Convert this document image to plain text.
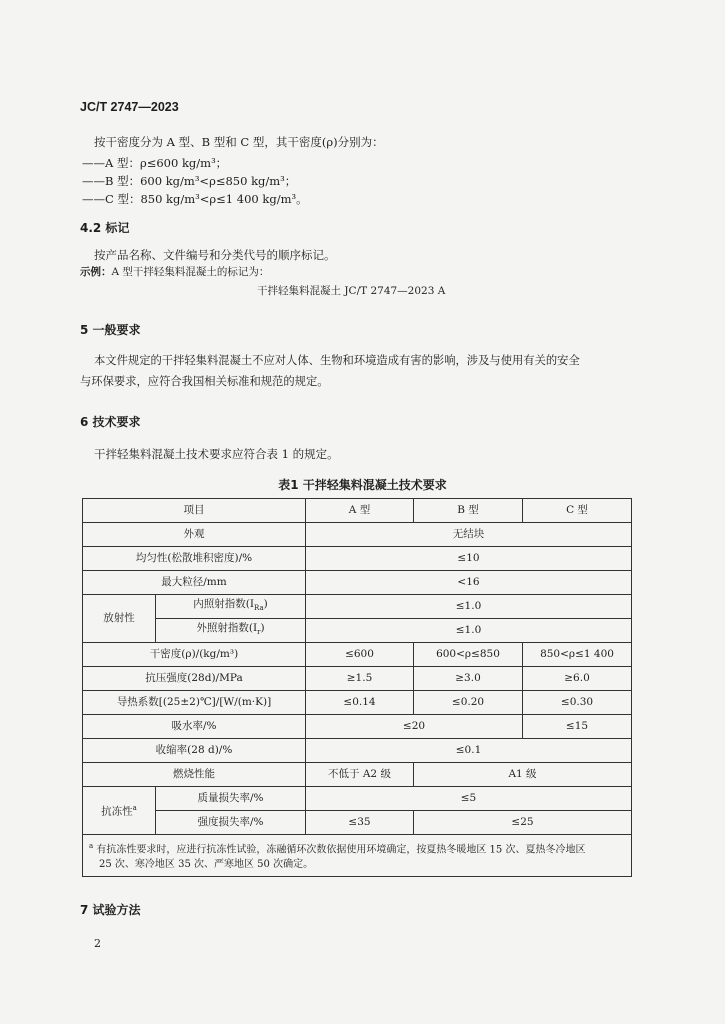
JC/T 2747—2023
按干密度分为 A 型、B 型和 C 型，其干密度(ρ)分别为：
——A 型：ρ≤600 kg/m³；
——B 型：600 kg/m³<ρ≤850 kg/m³；
——C 型：850 kg/m³<ρ≤1 400 kg/m³。
4.2 标记
按产品名称、文件编号和分类代号的顺序标记。
示例：A 型干拌轻集料混凝土的标记为：
干拌轻集料混凝土 JC/T 2747—2023 A
5 一般要求
本文件规定的干拌轻集料混凝土不应对人体、生物和环境造成有害的影响，涉及与使用有关的安全
与环保要求，应符合我国相关标准和规范的规定。
6 技术要求
干拌轻集料混凝土技术要求应符合表 1 的规定。
表1 干拌轻集料混凝土技术要求
项目		A 型	B 型	C 型
外观		无结块		
均匀性(松散堆积密度)/%		≤10		
最大粒径/mm		<16		
放射性	内照射指数$(I_{Ra})$	≤1.0		
	外照射指数$(I_r)$	≤1.0		
干密度(ρ)/(kg/m³)		≤600	600<ρ≤850	850<ρ≤1 400
抗压强度(28d)/MPa		≥1.5	≥3.0	≥6.0
导热系数[(25±2)℃]/[W/(m·K)]		≤0.14	≤0.20	≤0.30
吸水率/%		≤20		≤15
收缩率(28 d)/%		≤0.1		
燃烧性能		不低于 A2 级	A1 级	
抗冻性$^a$	质量损失率/%	≤5		
	强度损失率/%	≤35	≤25	
$^a$ 有抗冻性要求时，应进行抗冻性试验，冻融循环次数依据使用环境确定，按夏热冬暖地区 15 次、夏热冬冷地区
25 次、寒冷地区 35 次、严寒地区 50 次确定。				
7 试验方法
2
